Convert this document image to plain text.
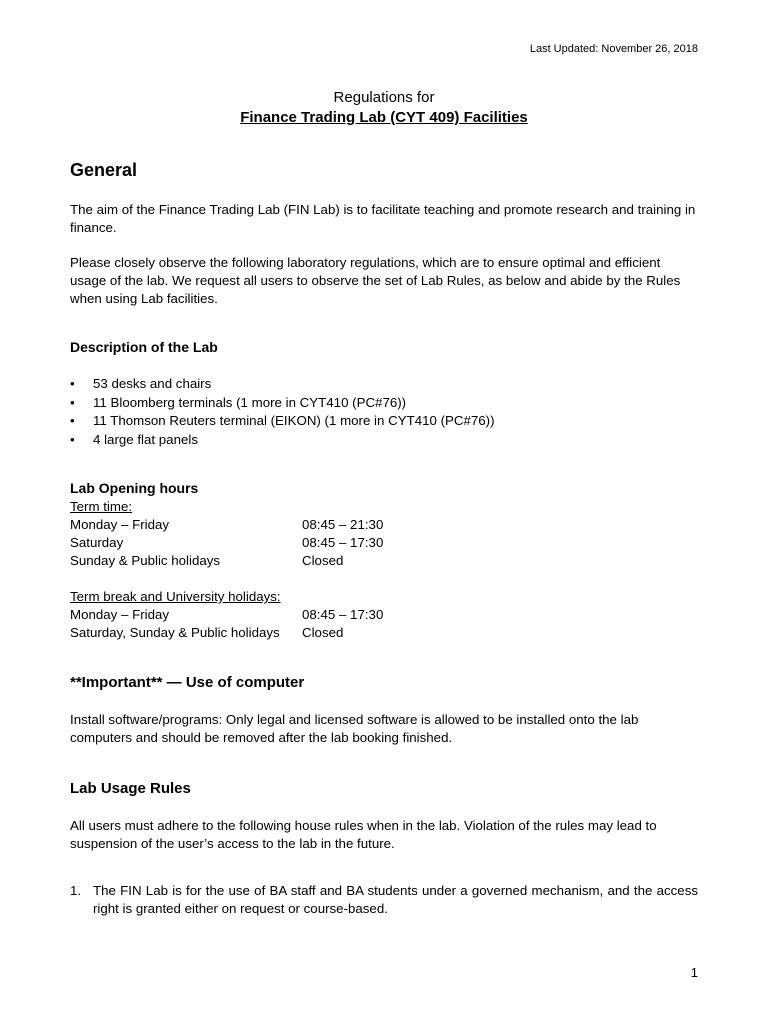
Last Updated: November 26, 2018
Regulations for
Finance Trading Lab (CYT 409) Facilities
General
The aim of the Finance Trading Lab (FIN Lab) is to facilitate teaching and promote research and training in finance.
Please closely observe the following laboratory regulations, which are to ensure optimal and efficient usage of the lab. We request all users to observe the set of Lab Rules, as below and abide by the Rules when using Lab facilities.
Description of the Lab
• 53 desks and chairs
• 11 Bloomberg terminals (1 more in CYT410 (PC#76))
• 11 Thomson Reuters terminal (EIKON) (1 more in CYT410 (PC#76))
• 4 large flat panels
Lab Opening hours
Term time:
Monday – Friday	08:45 – 21:30
Saturday	08:45 – 17:30
Sunday & Public holidays	Closed
Term break and University holidays:
Monday – Friday	08:45 – 17:30
Saturday, Sunday & Public holidays Closed
**Important** — Use of computer
Install software/programs: Only legal and licensed software is allowed to be installed onto the lab computers and should be removed after the lab booking finished.
Lab Usage Rules
All users must adhere to the following house rules when in the lab. Violation of the rules may lead to suspension of the user’s access to the lab in the future.
1. The FIN Lab is for the use of BA staff and BA students under a governed mechanism, and the access right is granted either on request or course-based.
1
